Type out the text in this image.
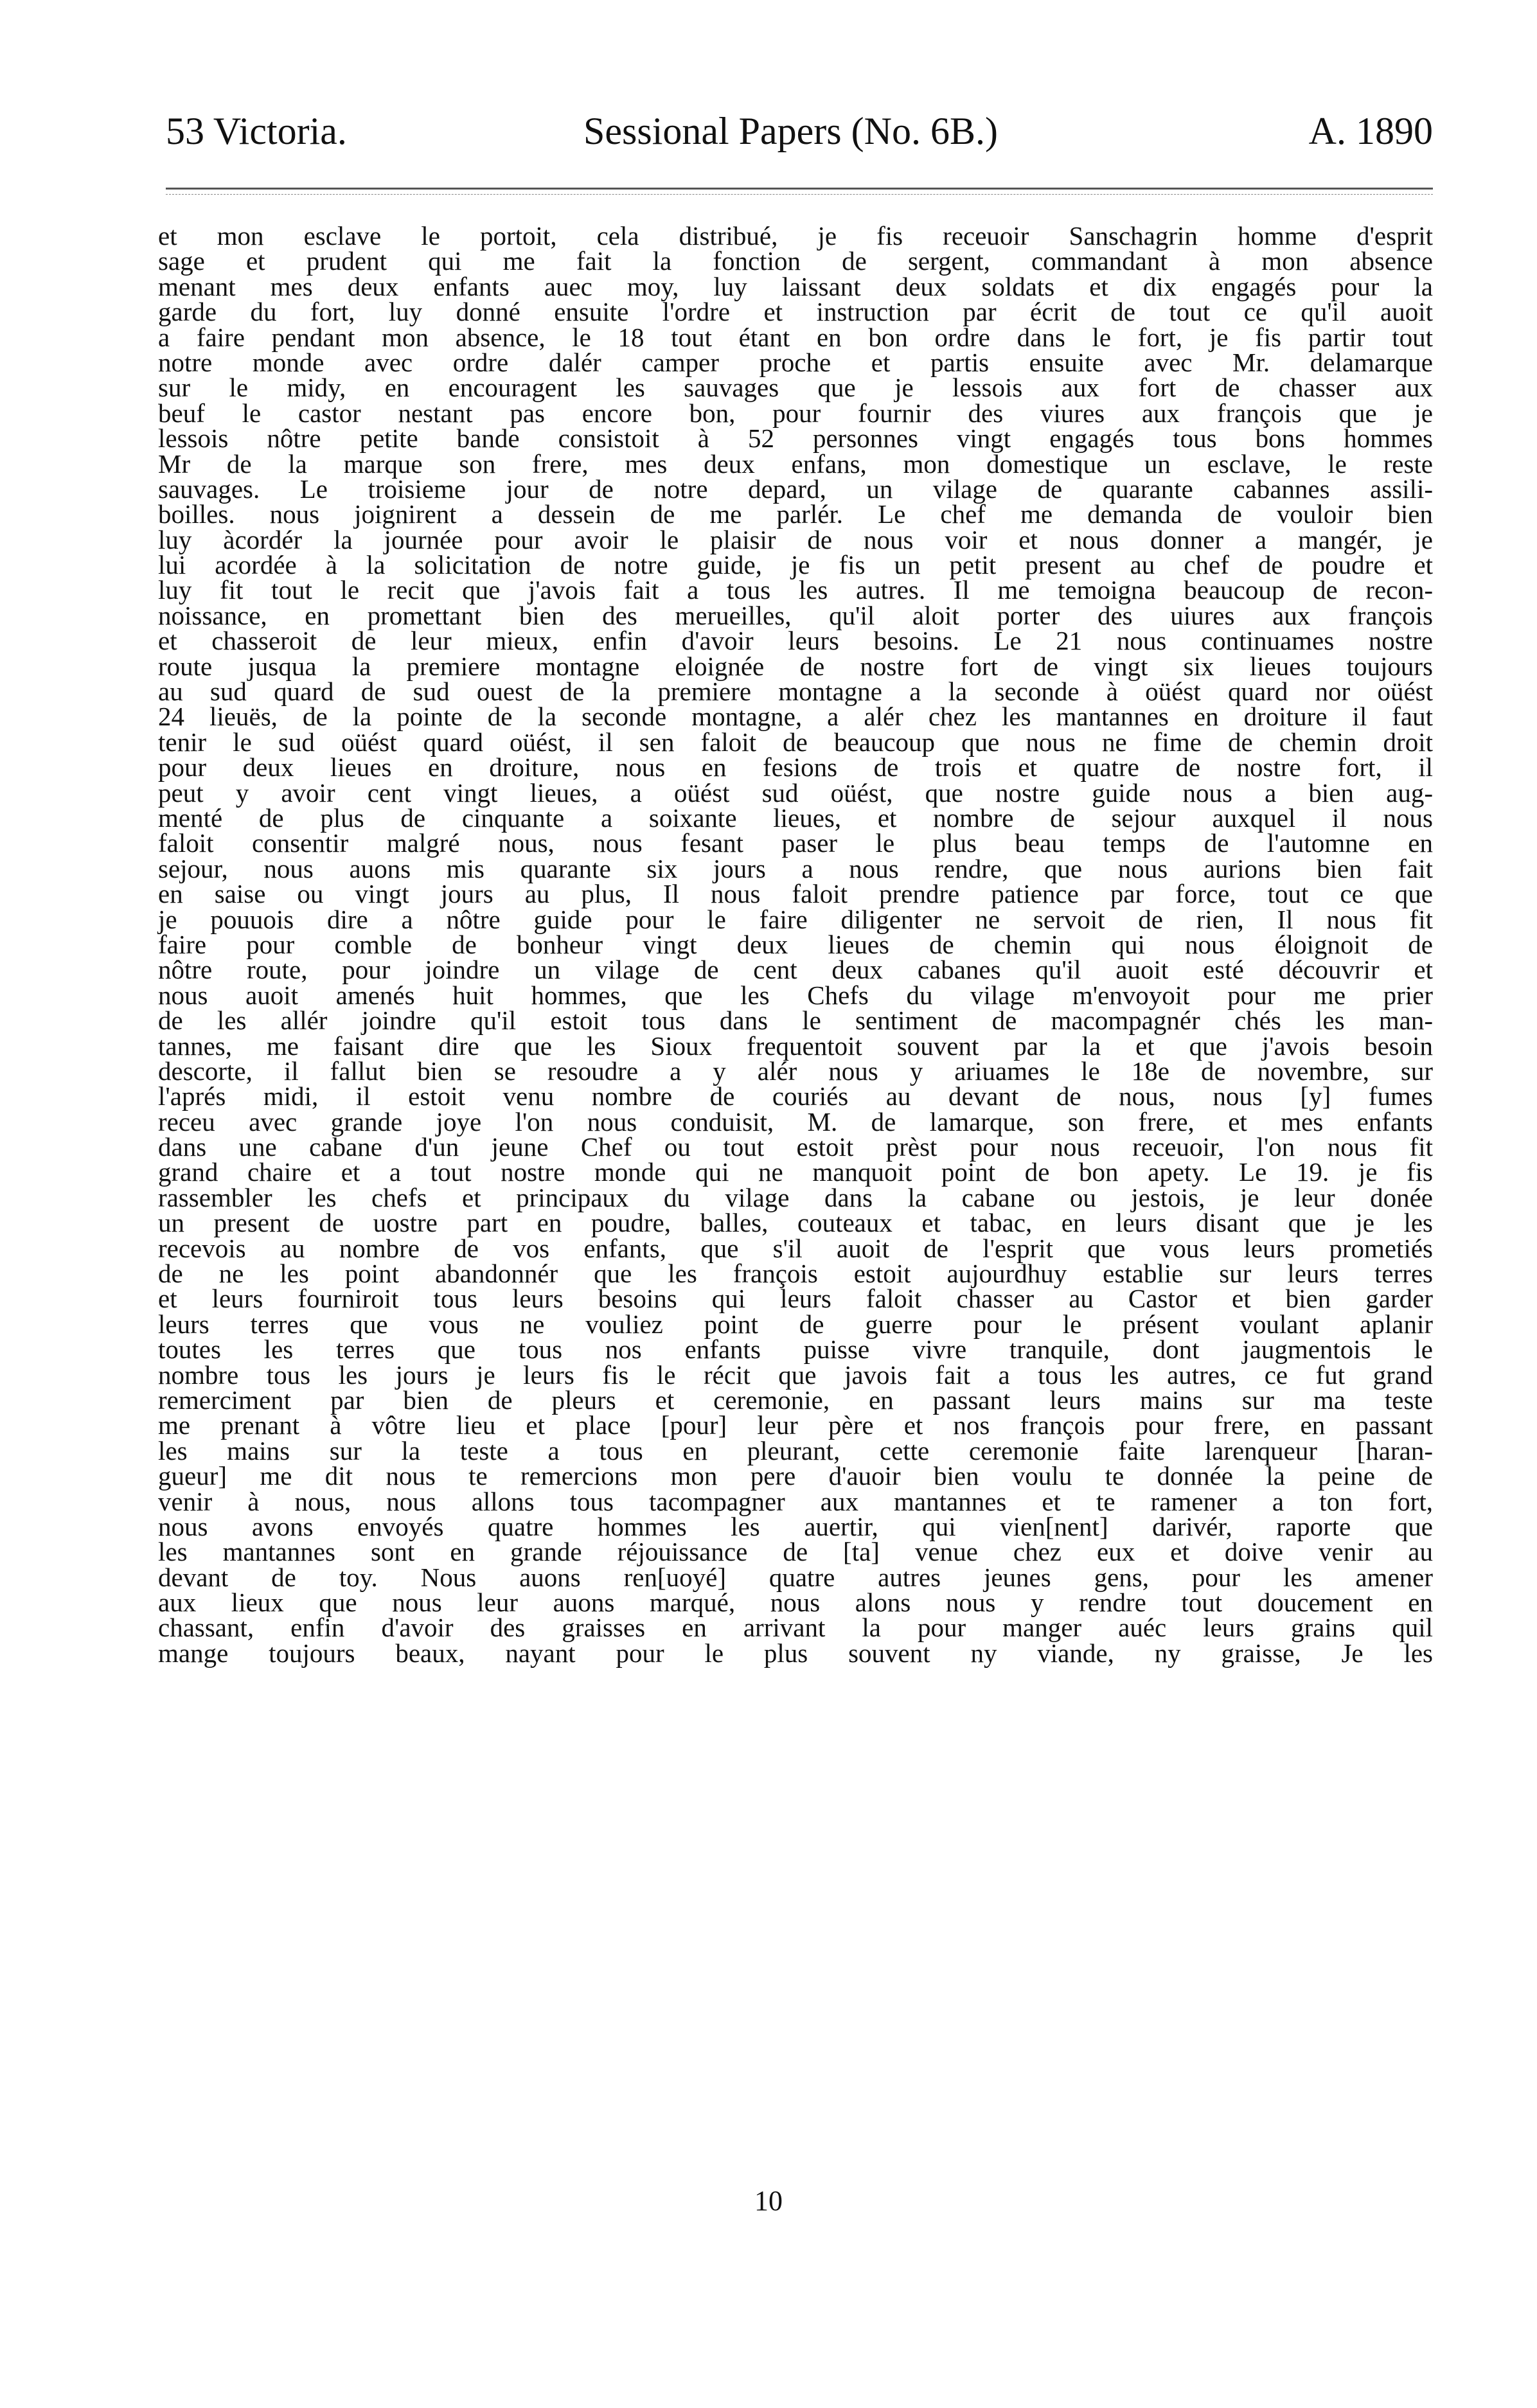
53 Victoria.	Sessional Papers (No. 6B.)	A. 1890
et mon esclave le portoit, cela distribué, je fis receuoir Sanschagrin homme d'esprit
sage et prudent qui me fait la fonction de sergent, commandant à mon absence
menant mes deux enfants auec moy, luy laissant deux soldats et dix engagés pour la
garde du fort, luy donné ensuite l'ordre et instruction par écrit de tout ce qu'il auoit
a faire pendant mon absence, le 18 tout étant en bon ordre dans le fort, je fis partir tout
notre monde avec ordre dalér camper proche et partis ensuite avec Mr. delamarque
sur le midy, en encouragent les sauvages que je lessois aux fort de chasser aux
beuf le castor nestant pas encore bon, pour fournir des viures aux françois que je
lessois nôtre petite bande consistoit à 52 personnes vingt engagés tous bons hommes
Mr de la marque son frere, mes deux enfans, mon domestique un esclave, le reste
sauvages. Le troisieme jour de notre depard, un vilage de quarante cabannes assili-
boilles. nous joignirent a dessein de me parlér. Le chef me demanda de vouloir bien
luy àcordér la journée pour avoir le plaisir de nous voir et nous donner a mangér, je
lui acordée à la solicitation de notre guide, je fis un petit present au chef de poudre et
luy fit tout le recit que j'avois fait a tous les autres. Il me temoigna beaucoup de recon-
noissance, en promettant bien des merueilles, qu'il aloit porter des uiures aux françois
et chasseroit de leur mieux, enfin d'avoir leurs besoins. Le 21 nous continuames nostre
route jusqua la premiere montagne eloignée de nostre fort de vingt six lieues toujours
au sud quard de sud ouest de la premiere montagne a la seconde à oüést quard nor oüést
24 lieuës, de la pointe de la seconde montagne, a alér chez les mantannes en droiture il faut
tenir le sud oüést quard oüést, il sen faloit de beaucoup que nous ne fime de chemin droit
pour deux lieues en droiture, nous en fesions de trois et quatre de nostre fort, il
peut y avoir cent vingt lieues, a oüést sud oüést, que nostre guide nous a bien aug-
menté de plus de cinquante a soixante lieues, et nombre de sejour auxquel il nous
faloit consentir malgré nous, nous fesant paser le plus beau temps de l'automne en
sejour, nous auons mis quarante six jours a nous rendre, que nous aurions bien fait
en saise ou vingt jours au plus, Il nous faloit prendre patience par force, tout ce que
je pouuois dire a nôtre guide pour le faire diligenter ne servoit de rien, Il nous fit
faire pour comble de bonheur vingt deux lieues de chemin qui nous éloignoit de
nôtre route, pour joindre un vilage de cent deux cabanes qu'il auoit esté découvrir et
nous auoit amenés huit hommes, que les Chefs du vilage m'envoyoit pour me prier
de les allér joindre qu'il estoit tous dans le sentiment de macompagnér chés les man-
tannes, me faisant dire que les Sioux frequentoit souvent par la et que j'avois besoin
descorte, il fallut bien se resoudre a y alér nous y ariuames le 18e de novembre, sur
l'aprés midi, il estoit venu nombre de couriés au devant de nous, nous [y] fumes
receu avec grande joye l'on nous conduisit, M. de lamarque, son frere, et mes enfants
dans une cabane d'un jeune Chef ou tout estoit prèst pour nous receuoir, l'on nous fit
grand chaire et a tout nostre monde qui ne manquoit point de bon apety. Le 19. je fis
rassembler les chefs et principaux du vilage dans la cabane ou jestois, je leur donée
un present de uostre part en poudre, balles, couteaux et tabac, en leurs disant que je les
recevois au nombre de vos enfants, que s'il auoit de l'esprit que vous leurs prometiés
de ne les point abandonnér que les françois estoit aujourdhuy establie sur leurs terres
et leurs fourniroit tous leurs besoins qui leurs faloit chasser au Castor et bien garder
leurs terres que vous ne vouliez point de guerre pour le présent voulant aplanir
toutes les terres que tous nos enfants puisse vivre tranquile, dont jaugmentois le
nombre tous les jours je leurs fis le récit que javois fait a tous les autres, ce fut grand
remerciment par bien de pleurs et ceremonie, en passant leurs mains sur ma teste
me prenant à vôtre lieu et place [pour] leur père et nos françois pour frere, en passant
les mains sur la teste a tous en pleurant, cette ceremonie faite larenqueur [haran-
gueur] me dit nous te remercions mon pere d'auoir bien voulu te donnée la peine de
venir à nous, nous allons tous tacompagner aux mantannes et te ramener a ton fort,
nous avons envoyés quatre hommes les auertir, qui vien[nent] darivér, raporte que
les mantannes sont en grande réjouissance de [ta] venue chez eux et doive venir au
devant de toy. Nous auons ren[uoyé] quatre autres jeunes gens, pour les amener
aux lieux que nous leur auons marqué, nous alons nous y rendre tout doucement en
chassant, enfin d'avoir des graisses en arrivant la pour manger auéc leurs grains quil
mange toujours beaux, nayant pour le plus souvent ny viande, ny graisse, Je les
10
